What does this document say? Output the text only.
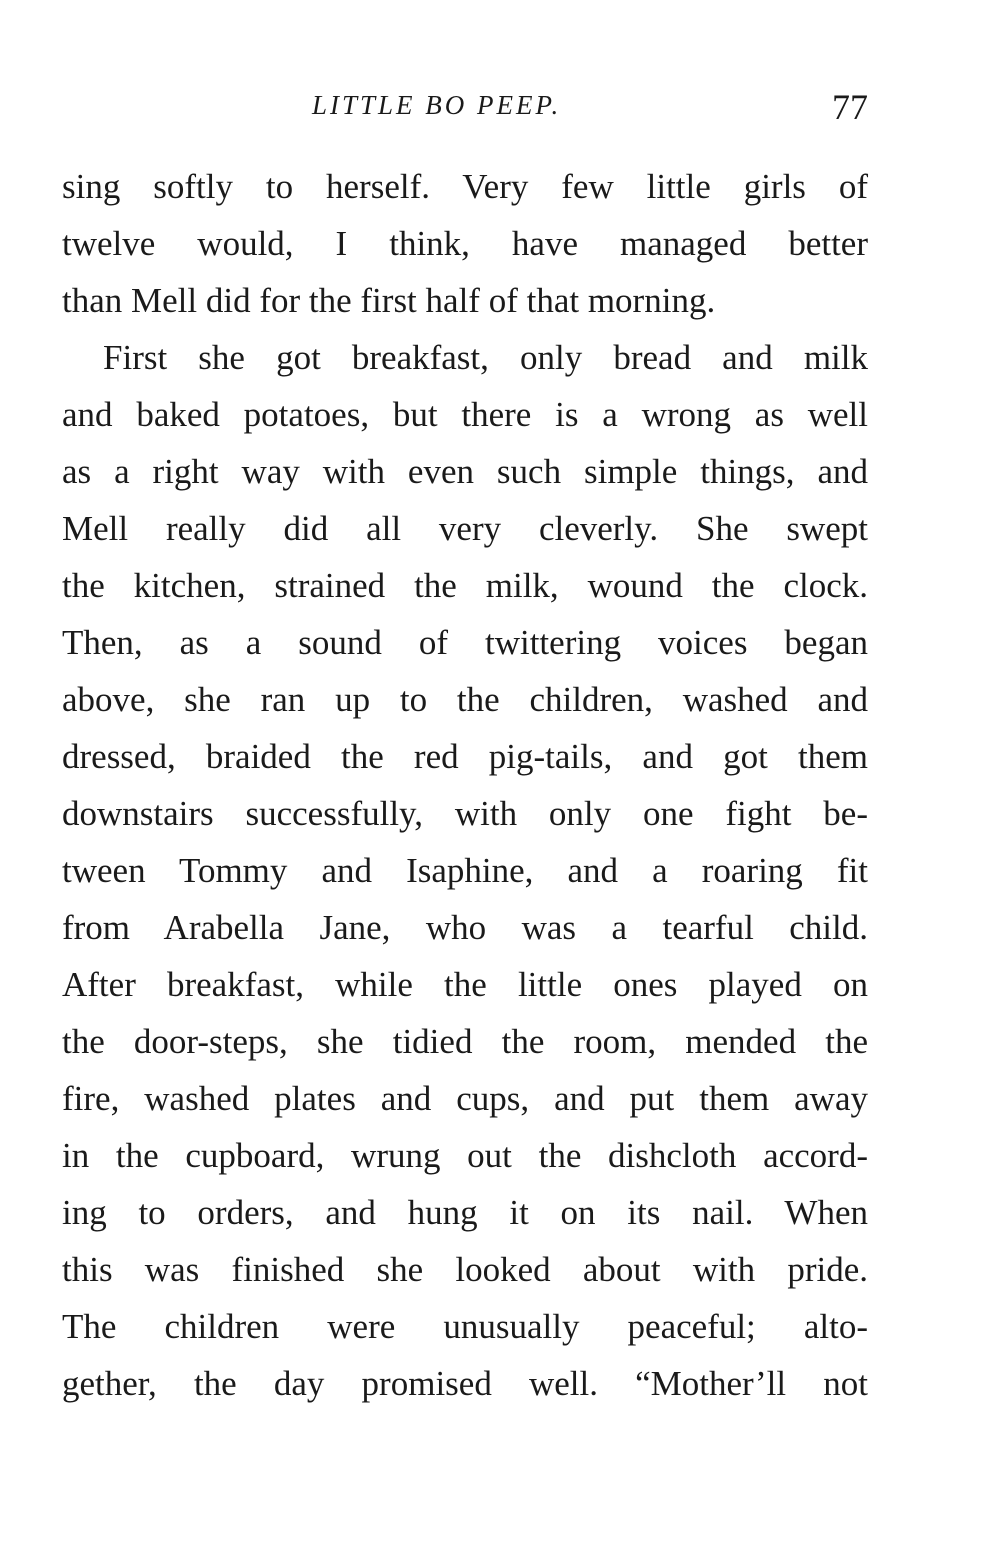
LITTLE BO PEEP.	77
sing softly to herself. Very few little girls of
twelve would, I think, have managed better
than Mell did for the first half of that morning.
First she got breakfast, only bread and milk
and baked potatoes, but there is a wrong as well
as a right way with even such simple things, and
Mell really did all very cleverly. She swept
the kitchen, strained the milk, wound the clock.
Then, as a sound of twittering voices began
above, she ran up to the children, washed and
dressed, braided the red pig-tails, and got them
downstairs successfully, with only one fight be-
tween Tommy and Isaphine, and a roaring fit
from Arabella Jane, who was a tearful child.
After breakfast, while the little ones played on
the door-steps, she tidied the room, mended the
fire, washed plates and cups, and put them away
in the cupboard, wrung out the dishcloth accord-
ing to orders, and hung it on its nail. When
this was finished she looked about with pride.
The children were unusually peaceful; alto-
gether, the day promised well. “Mother’ll not
